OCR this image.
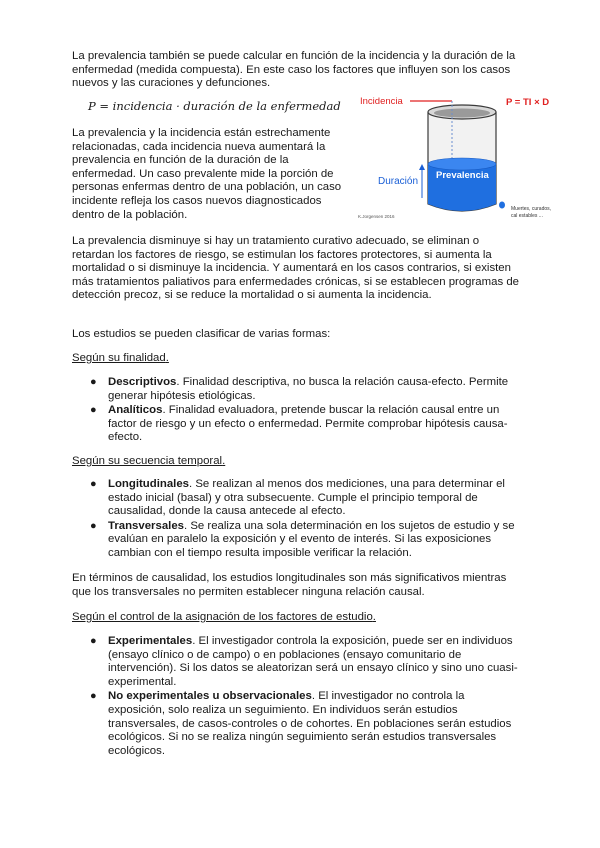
La prevalencia también se puede calcular en función de la incidencia y la duración de la enfermedad (medida compuesta). En este caso los factores que influyen son los casos nuevos y las curaciones y defunciones.

P = incidencia · duración de la enfermedad

La prevalencia y la incidencia están estrechamente relacionadas, cada incidencia nueva aumentará la prevalencia en función de la duración de la enfermedad. Un caso prevalente mide la porción de personas enfermas dentro de una población, un caso incidente refleja los casos nuevos diagnosticados dentro de la población.

Incidencia	P = TI × D
Duración
Prevalencia
Muertes, curados,
cal estables ...
K.Jorgensen 2016

La prevalencia disminuye si hay un tratamiento curativo adecuado, se eliminan o retardan los factores de riesgo, se estimulan los factores protectores, si aumenta la mortalidad o si disminuye la incidencia. Y aumentará en los casos contrarios, si existen más tratamientos paliativos para enfermedades crónicas, si se establecen programas de detección precoz, si se reduce la mortalidad o si aumenta la incidencia.

Los estudios se pueden clasificar de varias formas:

Según su finalidad.
● Descriptivos. Finalidad descriptiva, no busca la relación causa-efecto. Permite generar hipótesis etiológicas.
● Analíticos. Finalidad evaluadora, pretende buscar la relación causal entre un factor de riesgo y un efecto o enfermedad. Permite comprobar hipótesis causa-efecto.
Según su secuencia temporal.
● Longitudinales. Se realizan al menos dos mediciones, una para determinar el estado inicial (basal) y otra subsecuente. Cumple el principio temporal de causalidad, donde la causa antecede al efecto.
● Transversales. Se realiza una sola determinación en los sujetos de estudio y se evalúan en paralelo la exposición y el evento de interés. Si las exposiciones cambian con el tiempo resulta imposible verificar la relación.

En términos de causalidad, los estudios longitudinales son más significativos mientras que los transversales no permiten establecer ninguna relación causal.

Según el control de la asignación de los factores de estudio.
● Experimentales. El investigador controla la exposición, puede ser en individuos (ensayo clínico o de campo) o en poblaciones (ensayo comunitario de intervención). Si los datos se aleatorizan será un ensayo clínico y sino uno cuasi-experimental.
● No experimentales u observacionales. El investigador no controla la exposición, solo realiza un seguimiento. En individuos serán estudios transversales, de casos-controles o de cohortes. En poblaciones serán estudios ecológicos. Si no se realiza ningún seguimiento serán estudios transversales ecológicos.
